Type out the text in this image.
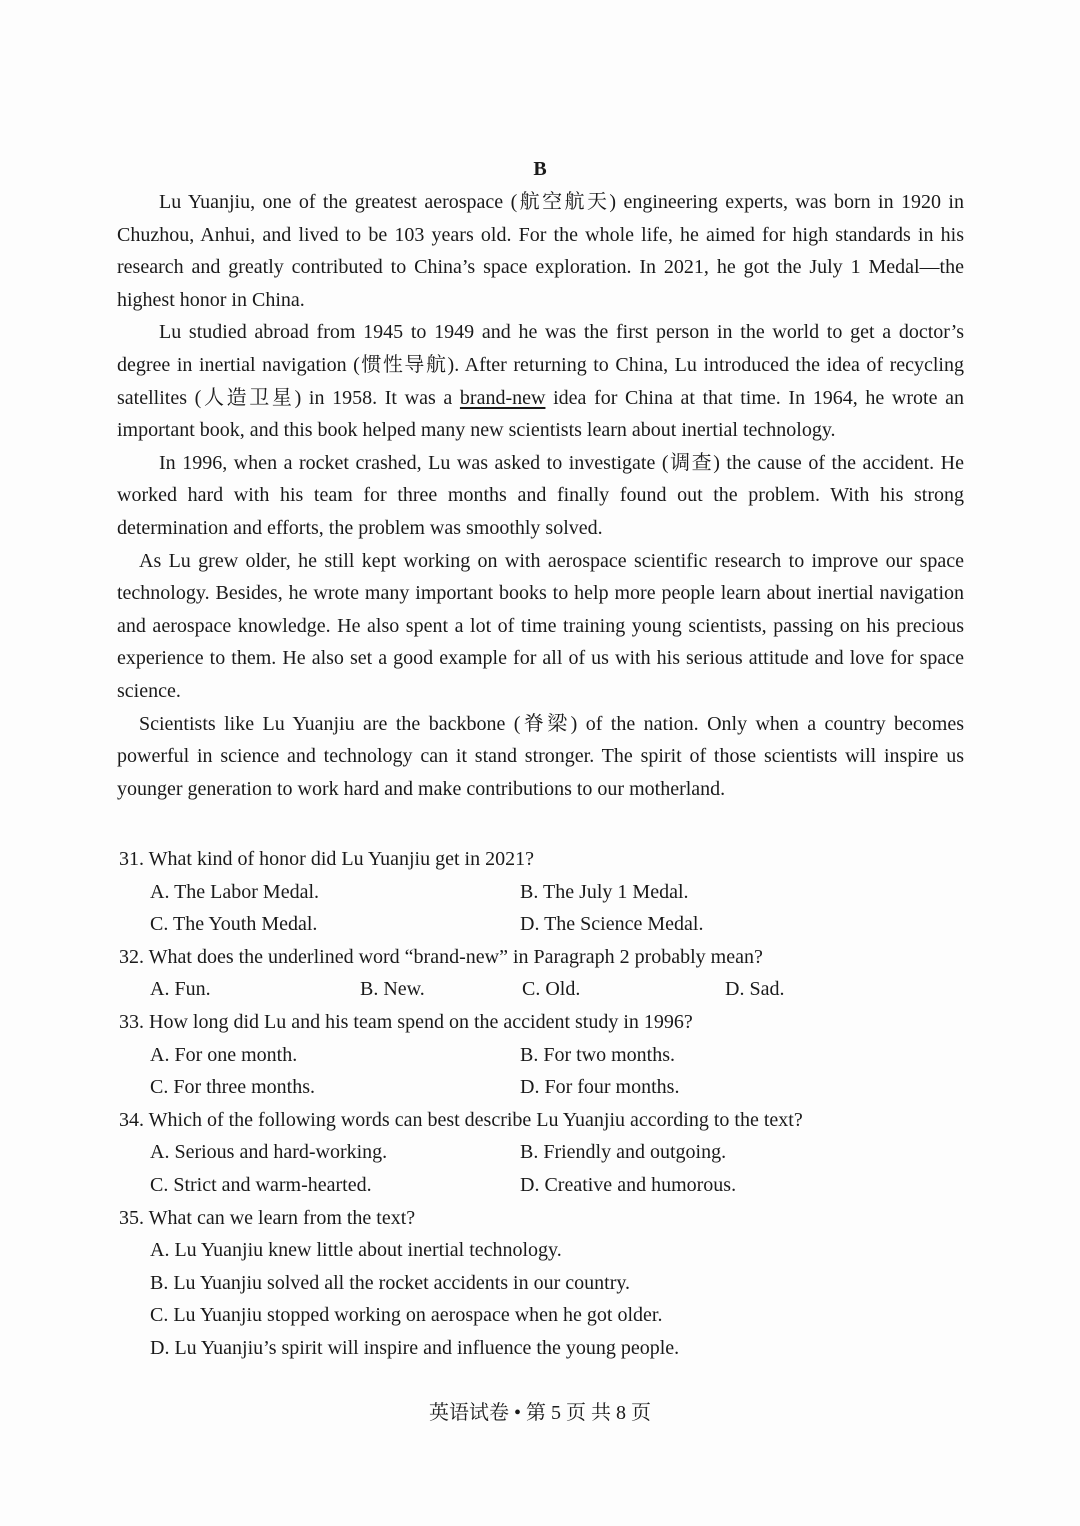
B

Lu Yuanjiu, one of the greatest aerospace (航空航天) engineering experts, was born in 1920 in Chuzhou, Anhui, and lived to be 103 years old. For the whole life, he aimed for high standards in his research and greatly contributed to China’s space exploration. In 2021, he got the July 1 Medal—the highest honor in China.

Lu studied abroad from 1945 to 1949 and he was the first person in the world to get a doctor’s degree in inertial navigation (惯性导航). After returning to China, Lu introduced the idea of recycling satellites (人造卫星) in 1958. It was a brand-new idea for China at that time. In 1964, he wrote an important book, and this book helped many new scientists learn about inertial technology.

In 1996, when a rocket crashed, Lu was asked to investigate (调查) the cause of the accident. He worked hard with his team for three months and finally found out the problem. With his strong determination and efforts, the problem was smoothly solved.

As Lu grew older, he still kept working on with aerospace scientific research to improve our space technology. Besides, he wrote many important books to help more people learn about inertial navigation and aerospace knowledge. He also spent a lot of time training young scientists, passing on his precious experience to them. He also set a good example for all of us with his serious attitude and love for space science.

Scientists like Lu Yuanjiu are the backbone (脊梁) of the nation. Only when a country becomes powerful in science and technology can it stand stronger. The spirit of those scientists will inspire us younger generation to work hard and make contributions to our motherland.

31. What kind of honor did Lu Yuanjiu get in 2021?

A. The Labor Medal.	B. The July 1 Medal.
C. The Youth Medal.	D. The Science Medal.

32. What does the underlined word “brand-new” in Paragraph 2 probably mean?

A. Fun.	B. New.	C. Old.	D. Sad.

33. How long did Lu and his team spend on the accident study in 1996?

A. For one month.	B. For two months.
C. For three months.	D. For four months.

34. Which of the following words can best describe Lu Yuanjiu according to the text?

A. Serious and hard-working.	B. Friendly and outgoing.
C. Strict and warm-hearted.	D. Creative and humorous.

35. What can we learn from the text?

A. Lu Yuanjiu knew little about inertial technology.
B. Lu Yuanjiu solved all the rocket accidents in our country.
C. Lu Yuanjiu stopped working on aerospace when he got older.
D. Lu Yuanjiu’s spirit will inspire and influence the young people.
英语试卷 • 第 5 页 共 8 页
